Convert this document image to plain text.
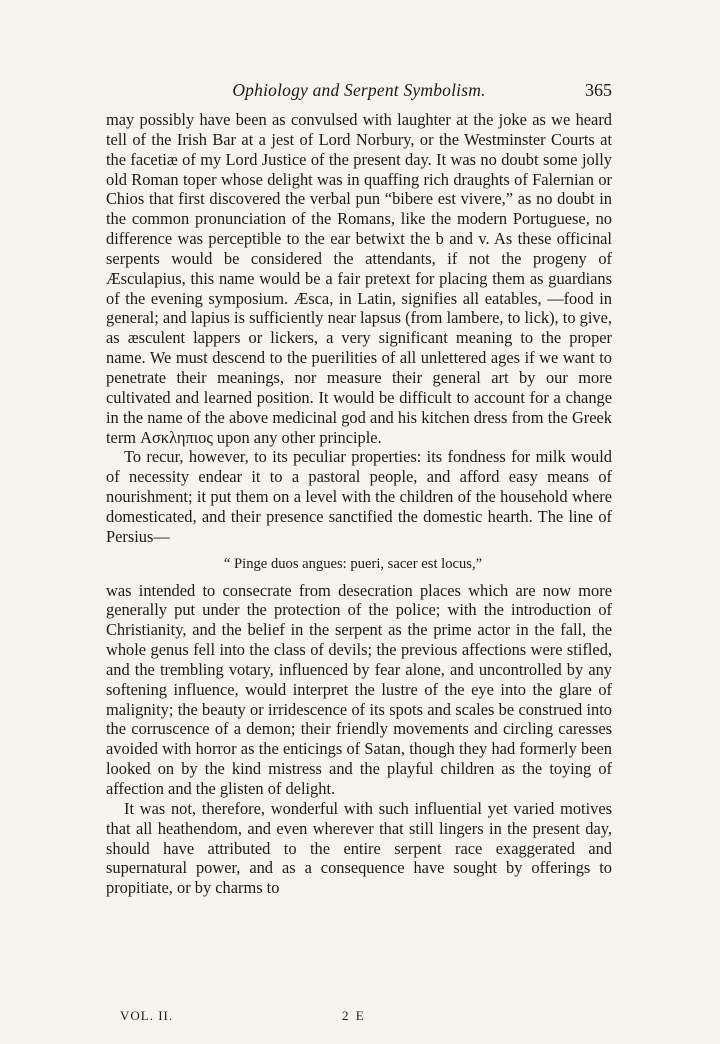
Ophiology and Serpent Symbolism.	365

may possibly have been as convulsed with laughter at the joke as we heard tell of the Irish Bar at a jest of Lord Norbury, or the Westminster Courts at the facetiæ of my Lord Justice of the present day. It was no doubt some jolly old Roman toper whose delight was in quaffing rich draughts of Falernian or Chios that first discovered the verbal pun “bibere est vivere,” as no doubt in the common pronunciation of the Romans, like the modern Portuguese, no difference was perceptible to the ear betwixt the b and v. As these officinal serpents would be considered the attendants, if not the progeny of Æsculapius, this name would be a fair pretext for placing them as guardians of the evening symposium. Æsca, in Latin, signifies all eatables, —food in general; and lapius is sufficiently near lapsus (from lambere, to lick), to give, as æsculent lappers or lickers, a very significant meaning to the proper name. We must descend to the puerilities of all unlettered ages if we want to penetrate their meanings, nor measure their general art by our more cultivated and learned position. It would be difficult to account for a change in the name of the above medicinal god and his kitchen dress from the Greek term Ασκληπιος upon any other principle.

To recur, however, to its peculiar properties: its fondness for milk would of necessity endear it to a pastoral people, and afford easy means of nourishment; it put them on a level with the children of the household where domesticated, and their presence sanctified the domestic hearth. The line of Persius—

“ Pinge duos angues: pueri, sacer est locus,”

was intended to consecrate from desecration places which are now more generally put under the protection of the police; with the introduction of Christianity, and the belief in the serpent as the prime actor in the fall, the whole genus fell into the class of devils; the previous affections were stifled, and the trembling votary, influenced by fear alone, and uncontrolled by any softening influence, would interpret the lustre of the eye into the glare of malignity; the beauty or irridescence of its spots and scales be construed into the corruscence of a demon; their friendly movements and circling caresses avoided with horror as the enticings of Satan, though they had formerly been looked on by the kind mistress and the playful children as the toying of affection and the glisten of delight.

It was not, therefore, wonderful with such influential yet varied motives that all heathendom, and even wherever that still lingers in the present day, should have attributed to the entire serpent race exaggerated and supernatural power, and as a consequence have sought by offerings to propitiate, or by charms to

VOL. II.	2 E
